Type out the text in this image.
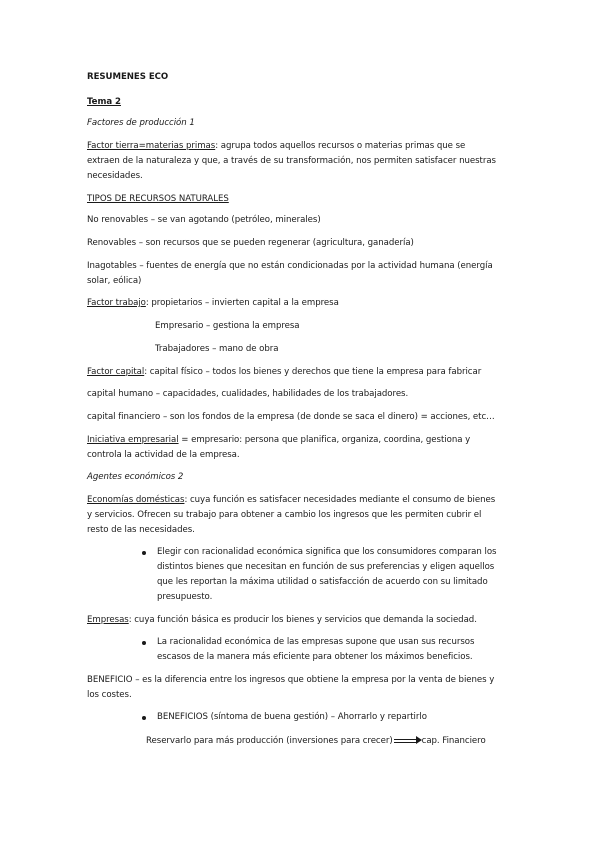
RESUMENES ECO
Tema 2
Factores de producción 1
Factor tierra=materias primas: agrupa todos aquellos recursos o materias primas que se
extraen de la naturaleza y que, a través de su transformación, nos permiten satisfacer nuestras
necesidades.
TIPOS DE RECURSOS NATURALES
No renovables – se van agotando (petróleo, minerales)
Renovables – son recursos que se pueden regenerar (agricultura, ganadería)
Inagotables – fuentes de energía que no están condicionadas por la actividad humana (energía
solar, eólica)
Factor trabajo: propietarios – invierten capital a la empresa
Empresario – gestiona la empresa
Trabajadores – mano de obra
Factor capital: capital físico – todos los bienes y derechos que tiene la empresa para fabricar
capital humano – capacidades, cualidades, habilidades de los trabajadores.
capital financiero – son los fondos de la empresa (de donde se saca el dinero) = acciones, etc…
Iniciativa empresarial = empresario: persona que planifica, organiza, coordina, gestiona y
controla la actividad de la empresa.
Agentes económicos 2
Economías domésticas: cuya función es satisfacer necesidades mediante el consumo de bienes
y servicios. Ofrecen su trabajo para obtener a cambio los ingresos que les permiten cubrir el
resto de las necesidades.
Elegir con racionalidad económica significa que los consumidores comparan los
distintos bienes que necesitan en función de sus preferencias y eligen aquellos
que les reportan la máxima utilidad o satisfacción de acuerdo con su limitado
presupuesto.
Empresas: cuya función básica es producir los bienes y servicios que demanda la sociedad.
La racionalidad económica de las empresas supone que usan sus recursos
escasos de la manera más eficiente para obtener los máximos beneficios.
BENEFICIO – es la diferencia entre los ingresos que obtiene la empresa por la venta de bienes y
los costes.
BENEFICIOS (síntoma de buena gestión) – Ahorrarlo y repartirlo
Reservarlo para más producción (inversiones para crecer)	cap. Financiero
